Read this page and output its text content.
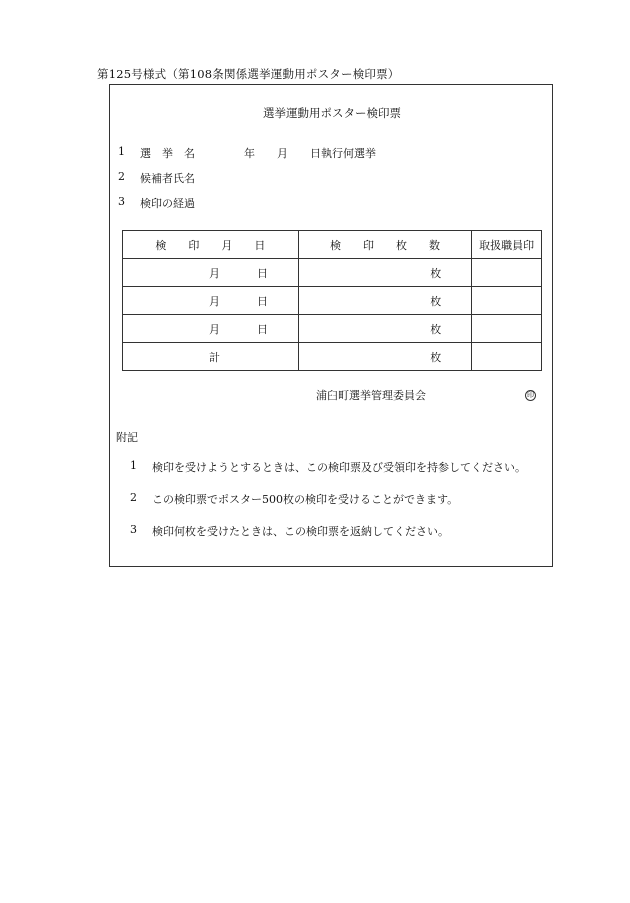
第125号様式（第108条関係選挙運動用ポスター検印票）
選挙運動用ポスター検印票
1 選　挙　名	年　　月　　日執行何選挙
2 候補者氏名
3 検印の経過
検　　印　　月　　日	検　　印　　枚　　数	取扱職員印

月 日	枚	

月 日	枚	

月 日	枚	

計	枚	
浦臼町選挙管理委員会	印
附記
1 検印を受けようとするときは、この検印票及び受領印を持参してください。
2 この検印票でポスター500枚の検印を受けることができます。
3 検印何枚を受けたときは、この検印票を返納してください。
